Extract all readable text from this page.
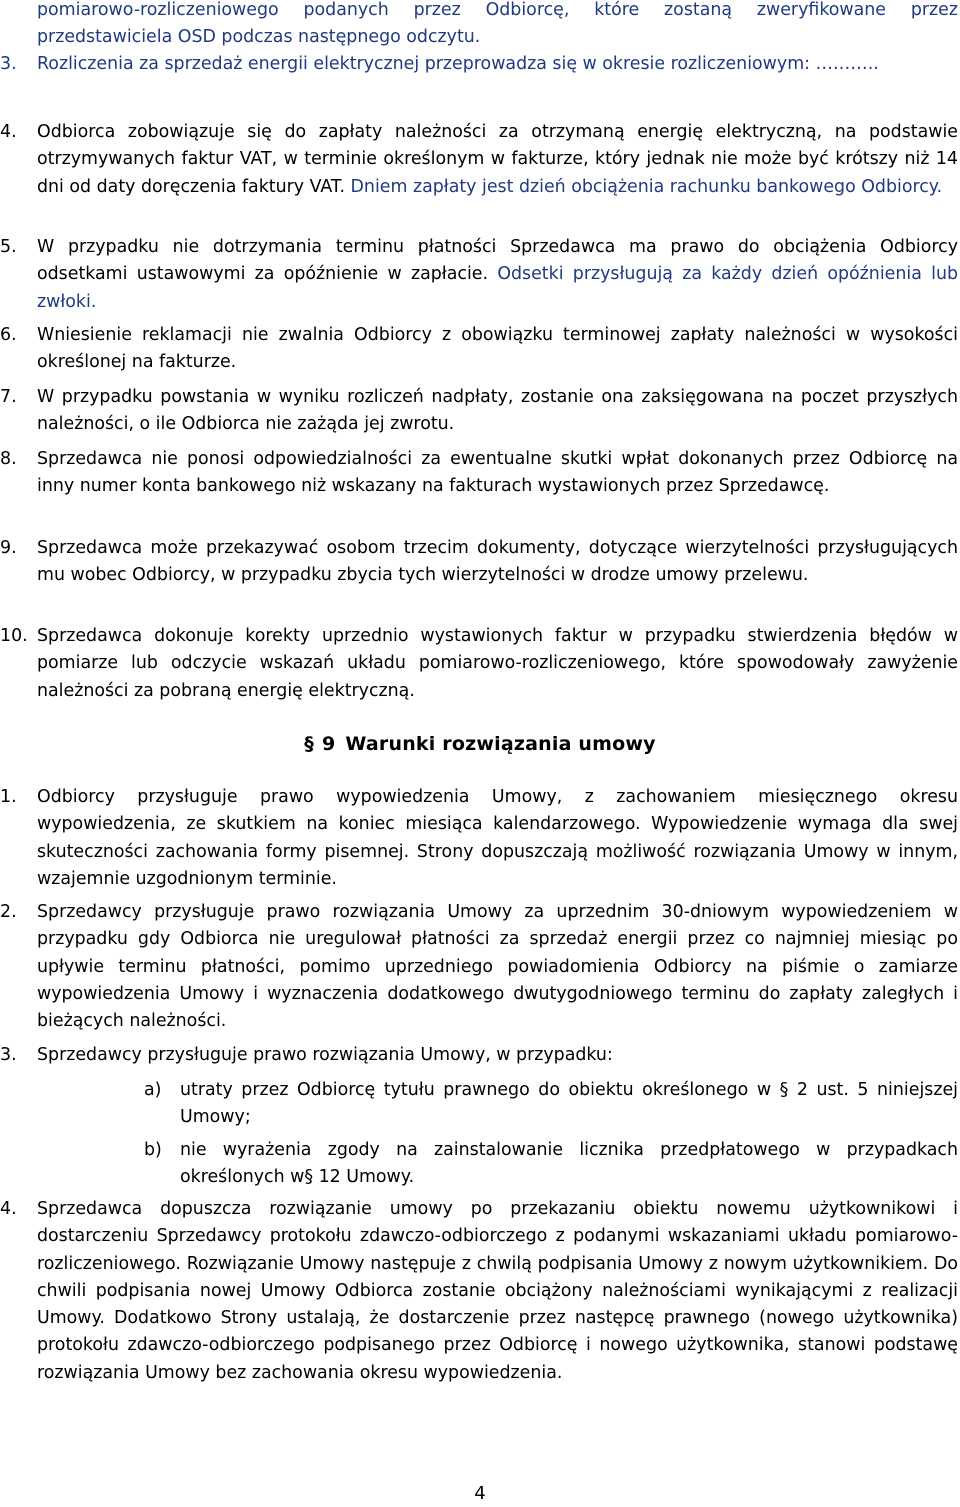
pomiarowo-rozliczeniowego podanych przez Odbiorcę, które zostaną zweryfikowane przez przedstawiciela OSD podczas następnego odczytu.
3.	Rozliczenia za sprzedaż energii elektrycznej przeprowadza się w okresie rozliczeniowym: ………..
4.	Odbiorca zobowiązuje się do zapłaty należności za otrzymaną energię elektryczną, na podstawie otrzymywanych faktur VAT, w terminie określonym w fakturze, który jednak nie może być krótszy niż 14 dni od daty doręczenia faktury VAT. Dniem zapłaty jest dzień obciążenia rachunku bankowego Odbiorcy.
5.	W przypadku nie dotrzymania terminu płatności Sprzedawca ma prawo do obciążenia Odbiorcy odsetkami ustawowymi za opóźnienie w zapłacie. Odsetki przysługują za każdy dzień opóźnienia lub zwłoki.
6.	Wniesienie reklamacji nie zwalnia Odbiorcy z obowiązku terminowej zapłaty należności w wysokości określonej na fakturze.
7.	W przypadku powstania w wyniku rozliczeń nadpłaty, zostanie ona zaksięgowana na poczet przyszłych należności, o ile Odbiorca nie zażąda jej zwrotu.
8.	Sprzedawca nie ponosi odpowiedzialności za ewentualne skutki wpłat dokonanych przez Odbiorcę na inny numer konta bankowego niż wskazany na fakturach wystawionych przez Sprzedawcę.
9.	Sprzedawca może przekazywać osobom trzecim dokumenty, dotyczące wierzytelności przysługujących mu wobec Odbiorcy, w przypadku zbycia tych wierzytelności w drodze umowy przelewu.
10. Sprzedawca dokonuje korekty uprzednio wystawionych faktur w przypadku stwierdzenia błędów w pomiarze lub odczycie wskazań układu pomiarowo-rozliczeniowego, które spowodowały zawyżenie należności za pobraną energię elektryczną.
§ 9 Warunki rozwiązania umowy
1.	Odbiorcy przysługuje prawo wypowiedzenia Umowy, z zachowaniem miesięcznego okresu wypowiedzenia, ze skutkiem na koniec miesiąca kalendarzowego. Wypowiedzenie wymaga dla swej skuteczności zachowania formy pisemnej. Strony dopuszczają możliwość rozwiązania Umowy w innym, wzajemnie uzgodnionym terminie.
2.	Sprzedawcy przysługuje prawo rozwiązania Umowy za uprzednim 30-dniowym wypowiedzeniem w przypadku gdy Odbiorca nie uregulował płatności za sprzedaż energii przez co najmniej miesiąc po upływie terminu płatności, pomimo uprzedniego powiadomienia Odbiorcy na piśmie o zamiarze wypowiedzenia Umowy i wyznaczenia dodatkowego dwutygodniowego terminu do zapłaty zaległych i bieżących należności.
3.	Sprzedawcy przysługuje prawo rozwiązania Umowy, w przypadku:
a)	utraty przez Odbiorcę tytułu prawnego do obiektu określonego w § 2 ust. 5 niniejszej Umowy;
b)	nie wyrażenia zgody na zainstalowanie licznika przedpłatowego w przypadkach określonych w§ 12 Umowy.
4.	Sprzedawca dopuszcza rozwiązanie umowy po przekazaniu obiektu nowemu użytkownikowi i dostarczeniu Sprzedawcy protokołu zdawczo-odbiorczego z podanymi wskazaniami układu pomiarowo- rozliczeniowego. Rozwiązanie Umowy następuje z chwilą podpisania Umowy z nowym użytkownikiem. Do chwili podpisania nowej Umowy Odbiorca zostanie obciążony należnościami wynikającymi z realizacji Umowy. Dodatkowo Strony ustalają, że dostarczenie przez następcę prawnego (nowego użytkownika) protokołu zdawczo-odbiorczego podpisanego przez Odbiorcę i nowego użytkownika, stanowi podstawę rozwiązania Umowy bez zachowania okresu wypowiedzenia.
4
